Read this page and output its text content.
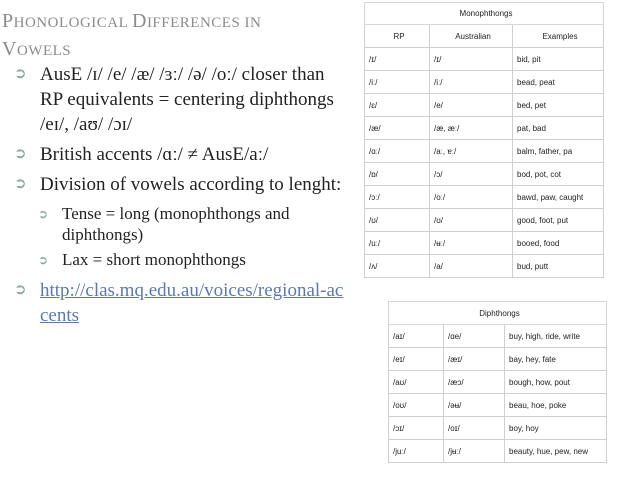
PHONOLOGICAL DIFFERENCES IN
VOWELS
➲ AusE /ɪ/ /e/ /æ/ /ɜː/ /ə/ /oː/ closer than RP equivalents = centering diphthongs /eɪ/, /aʊ/ /ɔɪ/
➲ British accents /ɑː/ ≠ AusE/aː/
➲ Division of vowels according to lenght:
➲ Tense = long (monophthongs and diphthongs)
➲ Lax = short monophthongs
➲ http://clas.mq.edu.au/voices/regional-accents
Monophthongs		
RP	Australian	Examples
/ɪ/	/ɪ/	bid, pit
/iː/	/iː/	bead, peat
/ɛ/	/e/	bed, pet
/æ/	/æ, æː/	pat, bad
/ɑː/	/aː, ɐː/	balm, father, pa
/ɒ/	/ɔ/	bod, pot, cot
/ɔː/	/oː/	bawd, paw, caught
/ʊ/	/ʊ/	good, foot, put
/uː/	/ʉː/	booed, food
/ʌ/	/a/	bud, putt
Diphthongs		
/aɪ/	/ɑe/	buy, high, ride, write
/eɪ/	/æɪ/	bay, hey, fate
/aʊ/	/æɔ/	bough, how, pout
/oʊ/	/əʉ/	beau, hoe, poke
/ɔɪ/	/oɪ/	boy, hoy
/juː/	/jʉː/	beauty, hue, pew, new
